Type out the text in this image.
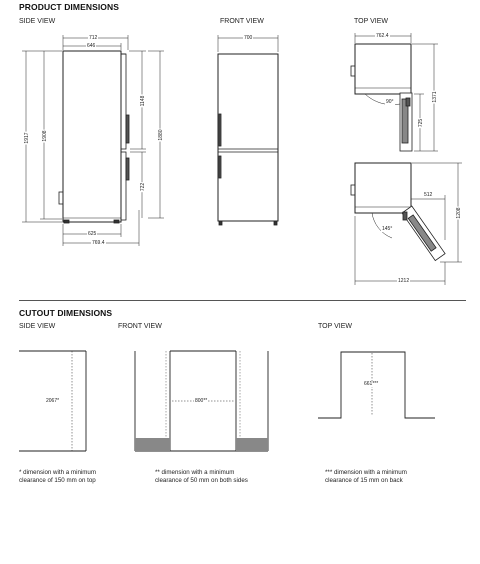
PRODUCT DIMENSIONS
SIDE VIEW	FRONT VIEW	TOP VIEW
CUTOUT DIMENSIONS
SIDE VIEW	FRONT VIEW	TOP VIEW
712
646
625
769.4
1917 1908
1148
1880
722
700	762.4
1371
90°
725
512
145°
1208
1212
2067*	800**
661***
* dimension with a minimum clearance of 150 mm on top
** dimension with a minimum clearance of 50 mm on both sides
*** dimension with a minimum clearance of 15 mm on back
